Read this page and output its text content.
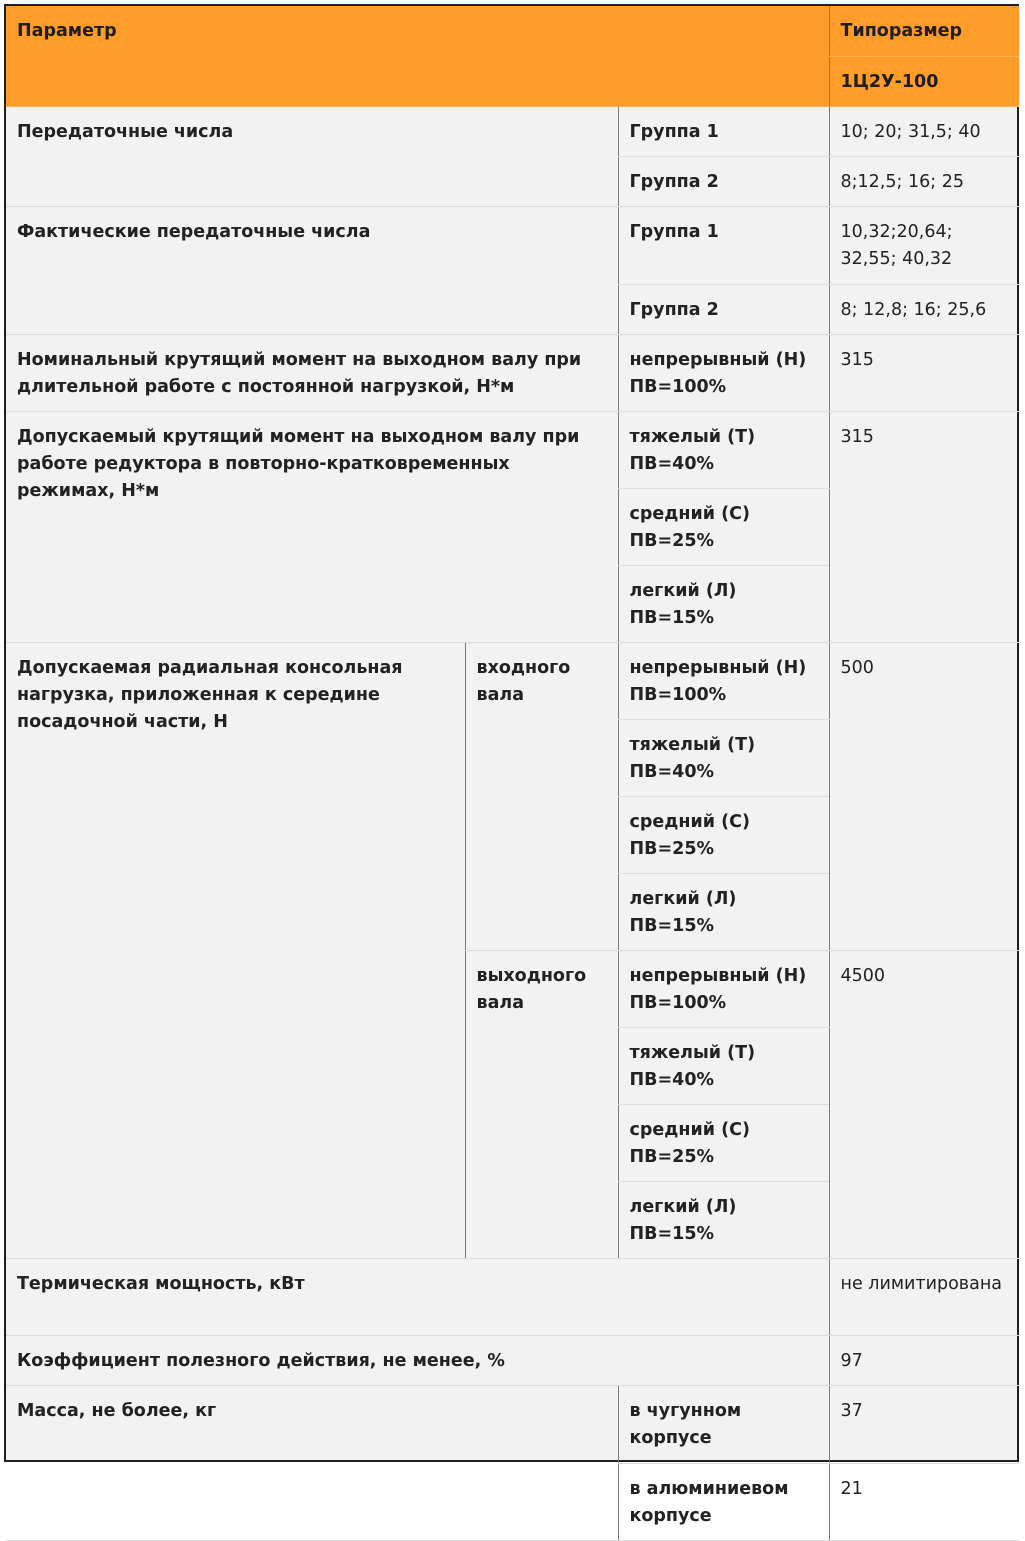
Параметр			Типоразмер
			1Ц2У-100
Передаточные числа		Группа 1	10; 20; 31,5; 40
		Группа 2	8;12,5; 16; 25
Фактические передаточные числа		Группа 1	10,32;20,64; 32,55; 40,32
		Группа 2	8; 12,8; 16; 25,6
Номинальный крутящий момент на выходном валу при длительной работе с постоянной нагрузкой, Н*м		непрерывный (Н) ПВ=100%	315
Допускаемый крутящий момент на выходном валу при работе редуктора в повторно-кратковременных режимах, Н*м		тяжелый (Т) ПВ=40%	315
		средний (С) ПВ=25%	
		легкий (Л) ПВ=15%	
Допускаемая радиальная консольная нагрузка, приложенная к середине посадочной части, Н	входного вала	непрерывный (Н) ПВ=100%	500
		тяжелый (Т) ПВ=40%	
		средний (С) ПВ=25%	
		легкий (Л) ПВ=15%	
	выходного вала	непрерывный (Н) ПВ=100%	4500
		тяжелый (Т) ПВ=40%	
		средний (С) ПВ=25%	
		легкий (Л) ПВ=15%	
Термическая мощность, кВт			не лимитирована
Коэффициент полезного действия, не менее, %			97
Масса, не более, кг		в чугунном корпусе	37
		в алюминиевом корпусе	21
